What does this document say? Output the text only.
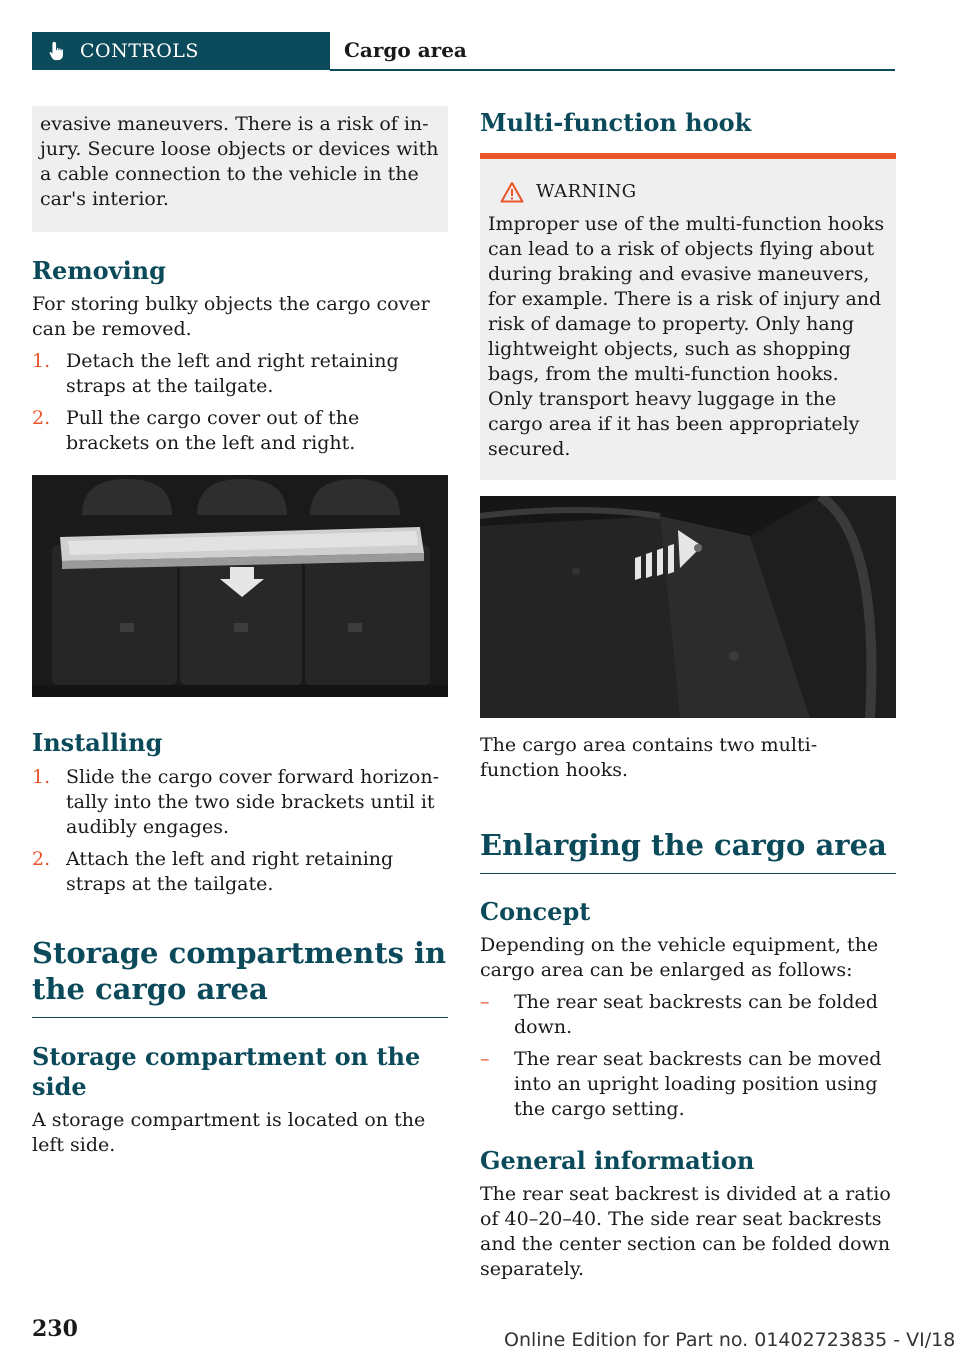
CONTROLS	Cargo area

evasive maneuvers. There is a risk of in-jury. Secure loose objects or devices with a cable connection to the vehicle in the car's interior.

Removing

For storing bulky objects the cargo cover can be removed.

1. Detach the left and right retaining straps at the tailgate.
2. Pull the cargo cover out of the brackets on the left and right.
Installing
1. Slide the cargo cover forward horizon-tally into the two side brackets until it audibly engages.
2. Attach the left and right retaining straps at the tailgate.
Storage compartments in the cargo area
Storage compartment on the side

A storage compartment is located on the left side.

Multi-function hook
WARNING

Improper use of the multi-function hooks can lead to a risk of objects flying about during braking and evasive maneuvers, for example. There is a risk of injury and risk of damage to property. Only hang lightweight objects, such as shopping bags, from the multi-function hooks. Only transport heavy luggage in the cargo area if it has been appropriately secured.

The cargo area contains two multi-function hooks.

Enlarging the cargo area
Concept

Depending on the vehicle equipment, the cargo area can be enlarged as follows:

–	The rear seat backrests can be folded down.
–	The rear seat backrests can be moved into an upright loading position using the cargo setting.
General information

The rear seat backrest is divided at a ratio of 40–20–40. The side rear seat backrests and the center section can be folded down separately.

230	Online Edition for Part no. 01402723835 - VI/18
